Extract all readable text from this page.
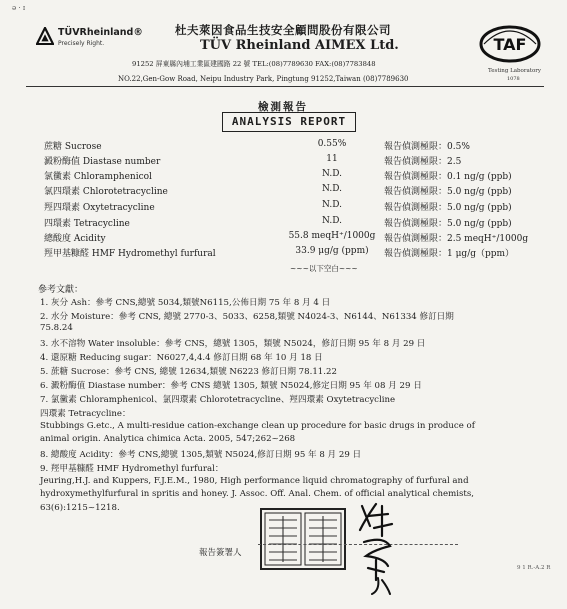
ǝ · ɪ
TÜVRheinland®
Precisely Right.
杜夫萊因食品生技安全顧問股份有限公司
TÜV Rheinland AIMEX Ltd.
91252 屏東縣內埔工業區建國路 22 號 TEL:(08)7789630 FAX:(08)7783848
NO.22,Gen-Gow Road, Neipu Industry Park, Pingtung 91252,Taiwan (08)7789630
TAF
Testing Laboratory
1078
檢測報告
ANALYSIS REPORT
蔗糖 Sucrose	0.55%	報告偵測極限：0.5%
澱粉酶值 Diastase number	11	報告偵測極限：2.5
氯黴素 Chloramphenicol	N.D.	報告偵測極限：0.1 ng/g (ppb)
氯四環素 Chlorotetracycline	N.D.	報告偵測極限：5.0 ng/g (ppb)
羥四環素 Oxytetracycline	N.D.	報告偵測極限：5.0 ng/g (ppb)
四環素 Tetracycline	N.D.	報告偵測極限：5.0 ng/g (ppb)
總酸度 Acidity	55.8 meqH⁺/1000g 報告偵測極限：2.5 meqH⁺/1000g
羥甲基糠醛 HMF Hydromethyl furfural	33.9 μg/g (ppm)	報告偵測極限：1 μg/g（ppm）
~~~以下空白~~~
參考文獻：
1. 灰分 Ash：參考 CNS,總號 5034,類號N6115,公佈日期 75 年 8 月 4 日
2. 水分 Moisture：參考 CNS, 總號 2770-3、5033、6258,類號 N4024-3、N6144、N61334 修訂日期
75.8.24
3. 水不溶物 Water insoluble：參考 CNS，總號 1305，類號 N5024，修訂日期 95 年 8 月 29 日
4. 還原糖 Reducing sugar：N6027,4,4.4 修訂日期 68 年 10 月 18 日
5. 蔗糖 Sucrose：參考 CNS, 總號 12634,類號 N6223 修訂日期 78.11.22
6. 澱粉酶值 Diastase number：參考 CNS 總號 1305, 類號 N5024,修定日期 95 年 08 月 29 日
7. 氯黴素 Chloramphenicol、氯四環素 Chlorotetracycline、羥四環素 Oxytetracycline
四環素 Tetracycline：
Stubbings G.etc., A multi-residue cation-exchange clean up procedure for basic drugs in produce of
animal origin. Analytica chimica Acta. 2005, 547;262~268
8. 總酸度 Acidity：參考 CNS,總號 1305,類號 N5024,修訂日期 95 年 8 月 29 日
9. 羥甲基糠醛 HMF Hydromethyl furfural：
Jeuring,H.J. and Kuppers, F.J.E.M., 1980, High performance liquid chromatography of furfural and
hydroxymethylfurfural in spritis and honey. J. Assoc. Off. Anal. Chem. of official analytical chemists,
63(6):1215~1218.
報告簽署人
9 1 R.-A.2 R
